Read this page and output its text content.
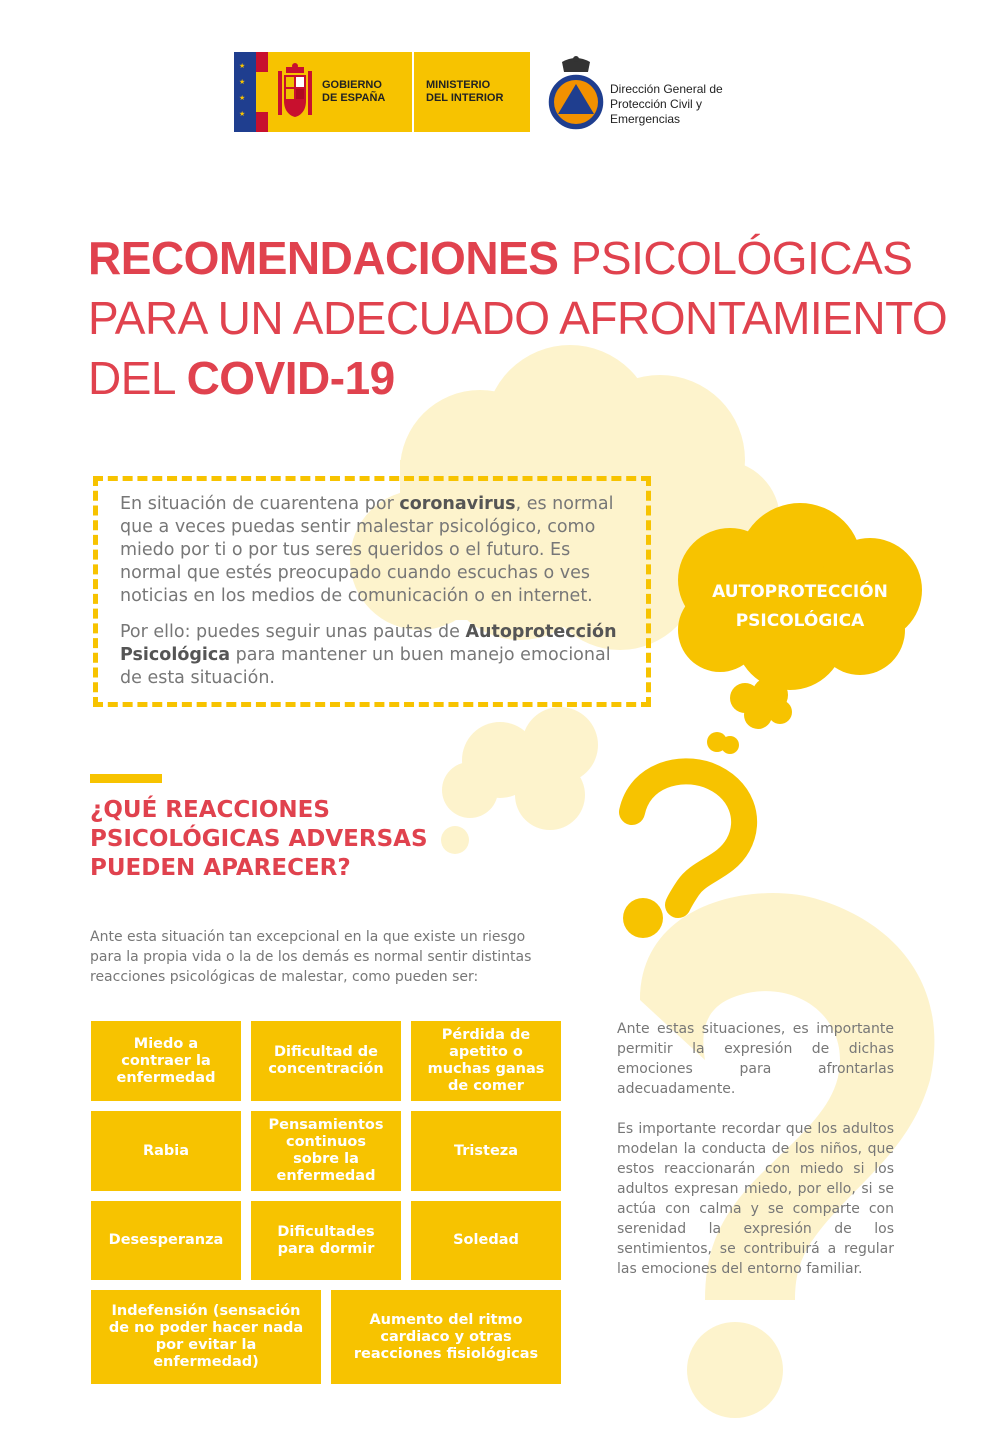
★
★
★
★
GOBIERNO
DE ESPAÑA
MINISTERIO
DEL INTERIOR
Dirección General de
Protección Civil y
Emergencias
RECOMENDACIONES PSICOLÓGICAS
PARA UN ADECUADO AFRONTAMIENTO
DEL COVID-19

En situación de cuarentena por coronavirus, es normal que a veces puedas sentir malestar psicológico, como miedo por ti o por tus seres queridos o el futuro. Es normal que estés preocupado cuando escuchas o ves noticias en los medios de comunicación o en internet.

Por ello: puedes seguir unas pautas de Autoprotección Psicológica para mantener un buen manejo emocional de esta situación.

AUTOPROTECCIÓN
PSICOLÓGICA
¿QUÉ REACCIONES
PSICOLÓGICAS ADVERSAS
PUEDEN APARECER?
Ante esta situación tan excepcional en la que existe un riesgo para la propia vida o la de los demás es normal sentir distintas reacciones psicológicas de malestar, como pueden ser:
Miedo a contraer la enfermedad
Dificultad de concentración
Pérdida de apetito o muchas ganas de comer
Rabia
Pensamientos continuos sobre la enfermedad
Tristeza
Desesperanza
Dificultades para dormir
Soledad
Indefensión (sensación de no poder hacer nada por evitar la enfermedad)
Aumento del ritmo cardiaco y otras reacciones fisiológicas

Ante estas situaciones, es importante permitir la expresión de dichas emociones para afrontarlas adecuadamente.

Es importante recordar que los adultos modelan la conducta de los niños, que estos reaccionarán con miedo si los adultos expresan miedo, por ello, si se actúa con calma y se comparte con serenidad la expresión de los sentimientos, se contribuirá a regular las emociones del entorno familiar.
